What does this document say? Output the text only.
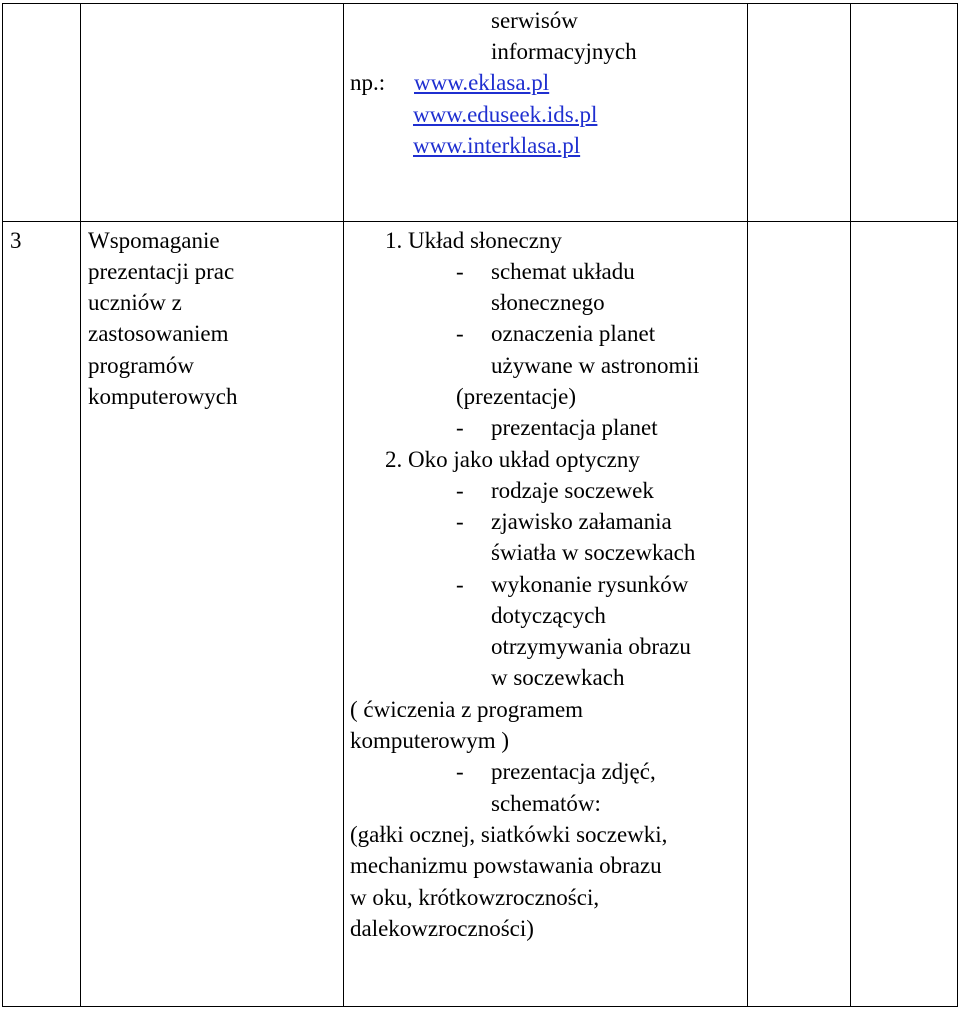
serwisów

informacyjnych

np.: www.eklasa.pl
www.eduseek.ids.pl
www.interklasa.pl

3	Wspomaganie

prezentacji prac

uczniów z

zastosowaniem

programów

komputerowych

1. Układ słoneczny

- schemat układu

słonecznego

- oznaczenia planet

używane w astronomii

(prezentacje)

- prezentacja planet

2. Oko jako układ optyczny

- rodzaje soczewek

- zjawisko załamania

światła w soczewkach

- wykonanie rysunków

dotyczących

otrzymywania obrazu

w soczewkach

( ćwiczenia z programem

komputerowym )

- prezentacja zdjęć,

schematów:

(gałki ocznej, siatkówki soczewki,

mechanizmu powstawania obrazu

w oku, krótkowzroczności,

dalekowzroczności)
